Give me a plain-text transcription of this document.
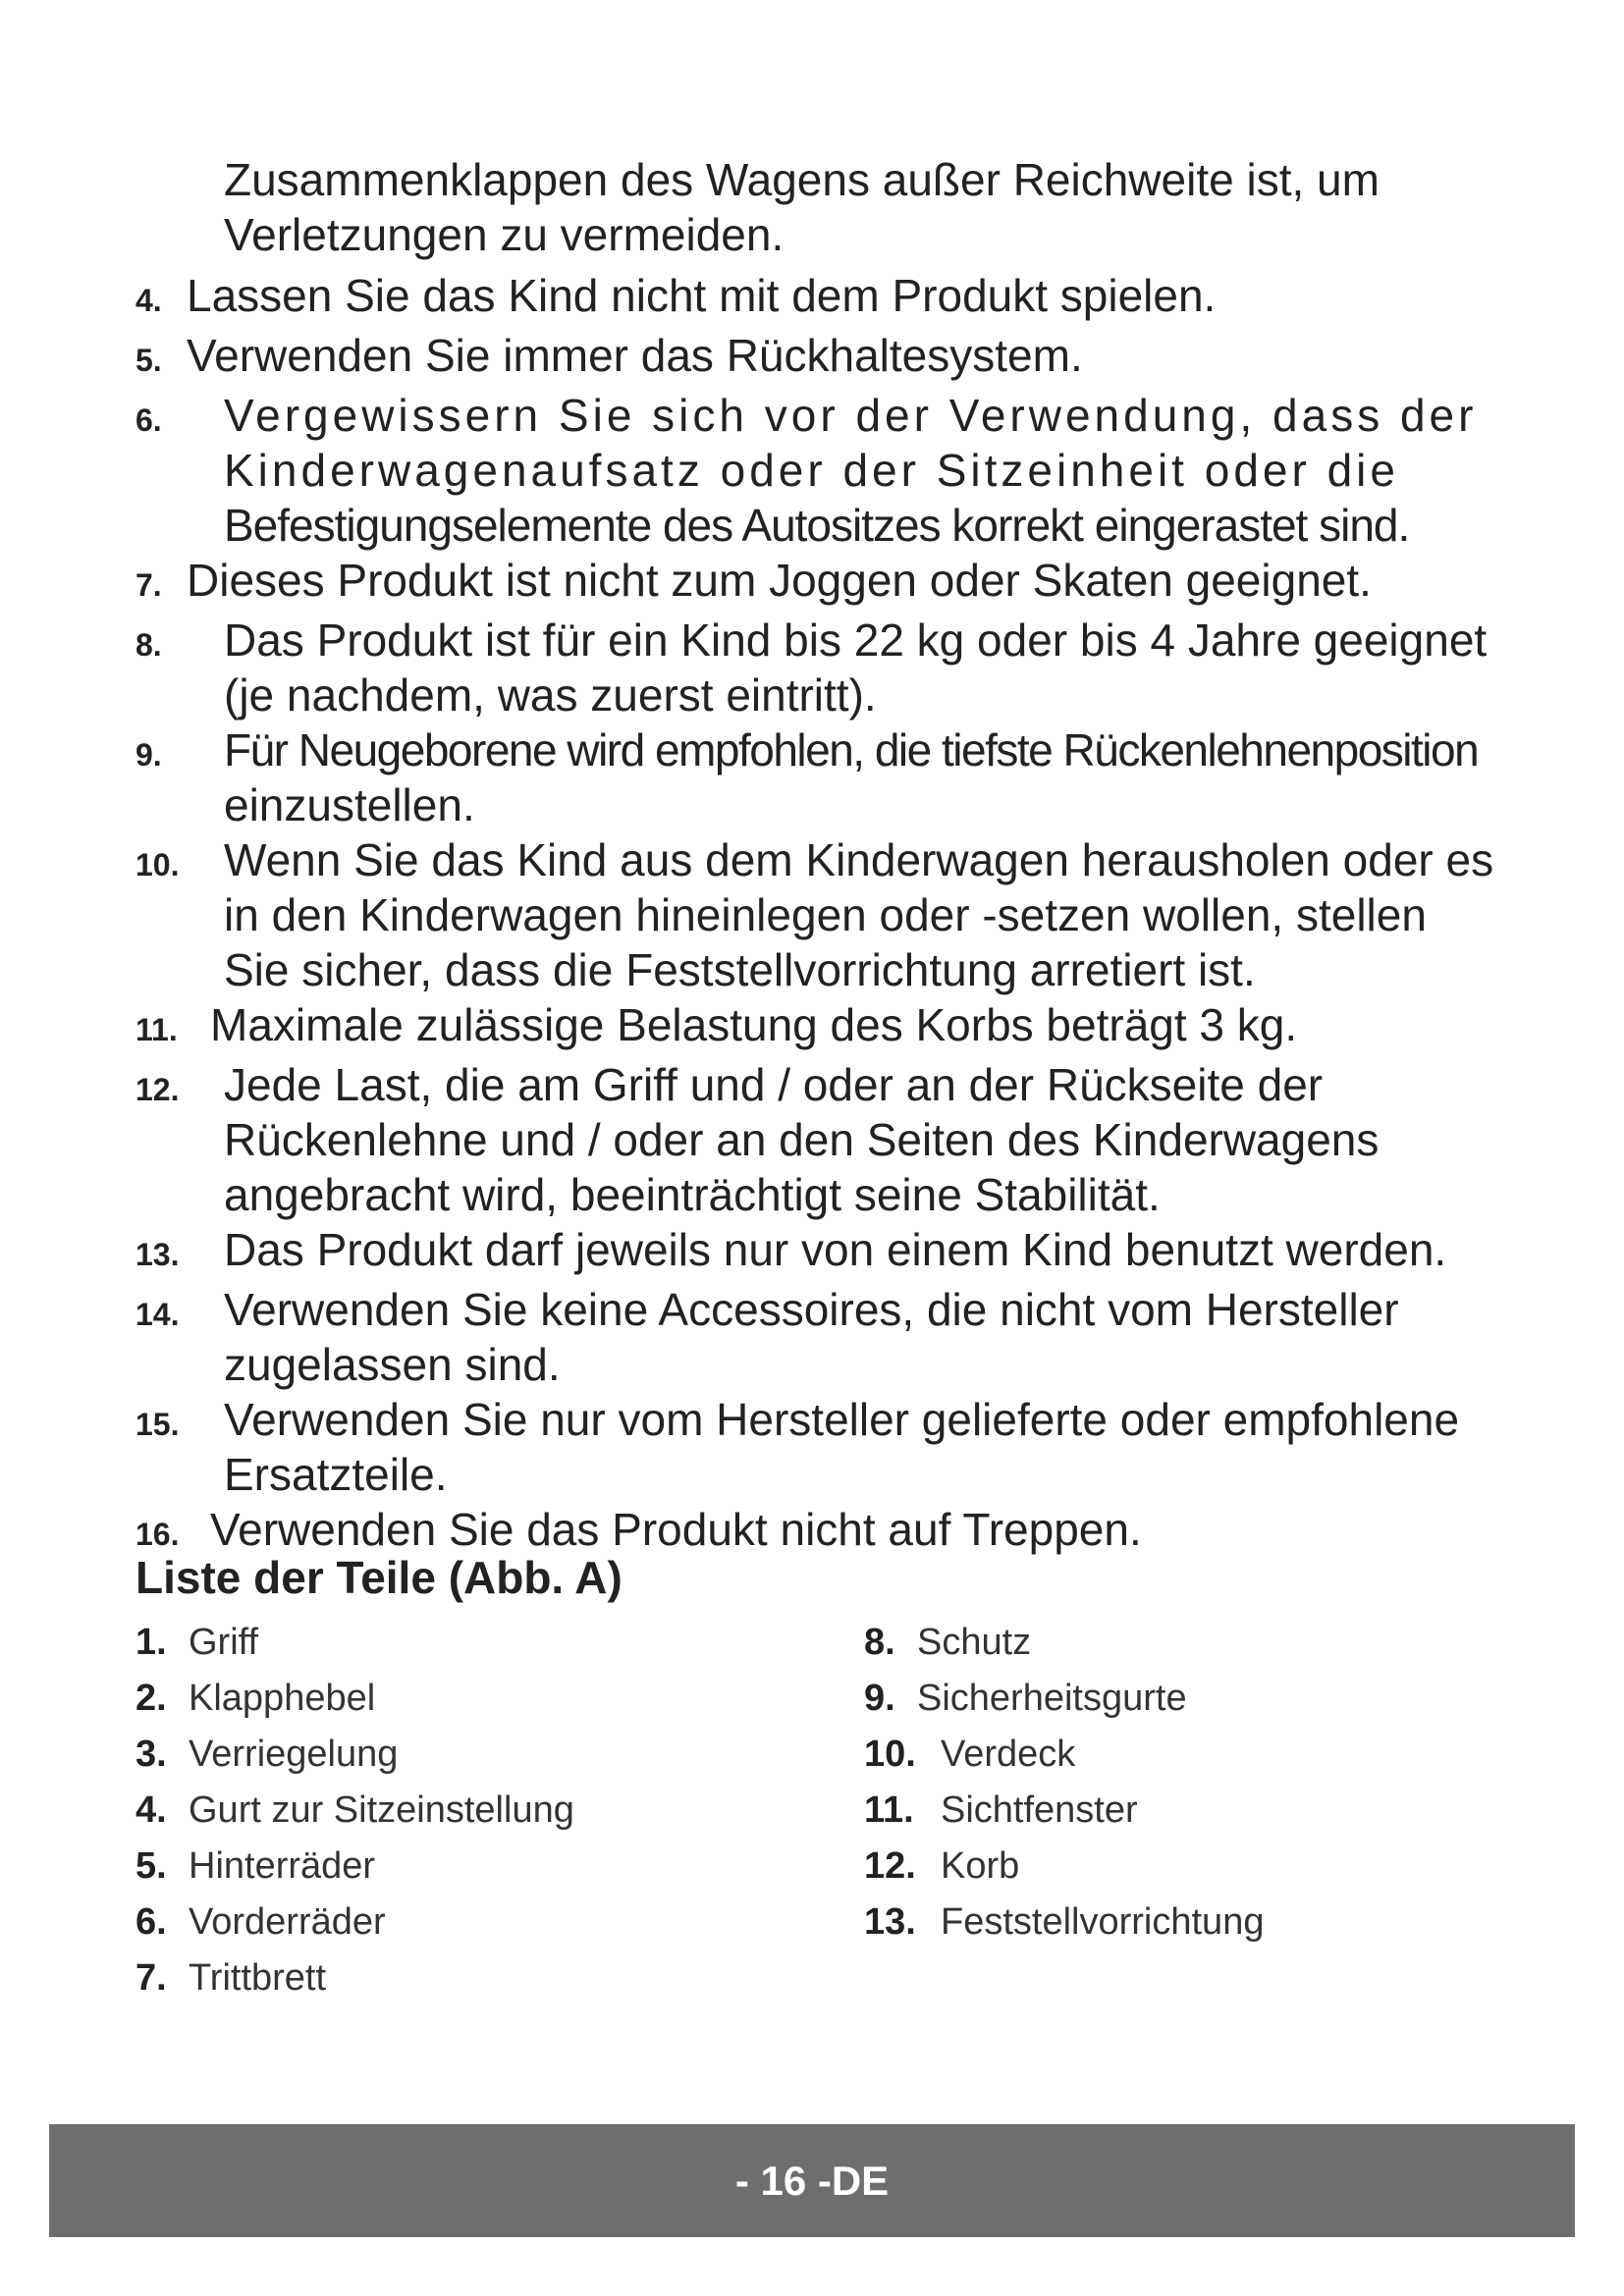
Zusammenklappen des Wagens außer Reichweite ist, um
Verletzungen zu vermeiden.
4. Lassen Sie das Kind nicht mit dem Produkt spielen.
5. Verwenden Sie immer das Rückhaltesystem.
6.	Vergewissern Sie sich vor der Verwendung, dass der
Kinderwagenaufsatz oder der Sitzeinheit oder die
Befestigungselemente des Autositzes korrekt eingerastet sind.
7. Dieses Produkt ist nicht zum Joggen oder Skaten geeignet.
8.	Das Produkt ist für ein Kind bis 22 kg oder bis 4 Jahre geeignet
(je nachdem, was zuerst eintritt).
9.	Für Neugeborene wird empfohlen, die tiefste Rückenlehnenposition
einzustellen.
10. Wenn Sie das Kind aus dem Kinderwagen herausholen oder es
in den Kinderwagen hineinlegen oder -setzen wollen, stellen
Sie sicher, dass die Feststellvorrichtung arretiert ist.
11. Maximale zulässige Belastung des Korbs beträgt 3 kg.
12. Jede Last, die am Griff und / oder an der Rückseite der
Rückenlehne und / oder an den Seiten des Kinderwagens
angebracht wird, beeinträchtigt seine Stabilität.
13. Das Produkt darf jeweils nur von einem Kind benutzt werden.
14. Verwenden Sie keine Accessoires, die nicht vom Hersteller
zugelassen sind.
15. Verwenden Sie nur vom Hersteller gelieferte oder empfohlene
Ersatzteile.
16. Verwenden Sie das Produkt nicht auf Treppen.
Liste der Teile (Abb. A)
1. Griff
2. Klapphebel
3. Verriegelung
4. Gurt zur Sitzeinstellung
5. Hinterräder
6. Vorderräder
7. Trittbrett
8. Schutz
9. Sicherheitsgurte
10. Verdeck
11. Sichtfenster
12. Korb
13. Feststellvorrichtung
- 16 -DE
